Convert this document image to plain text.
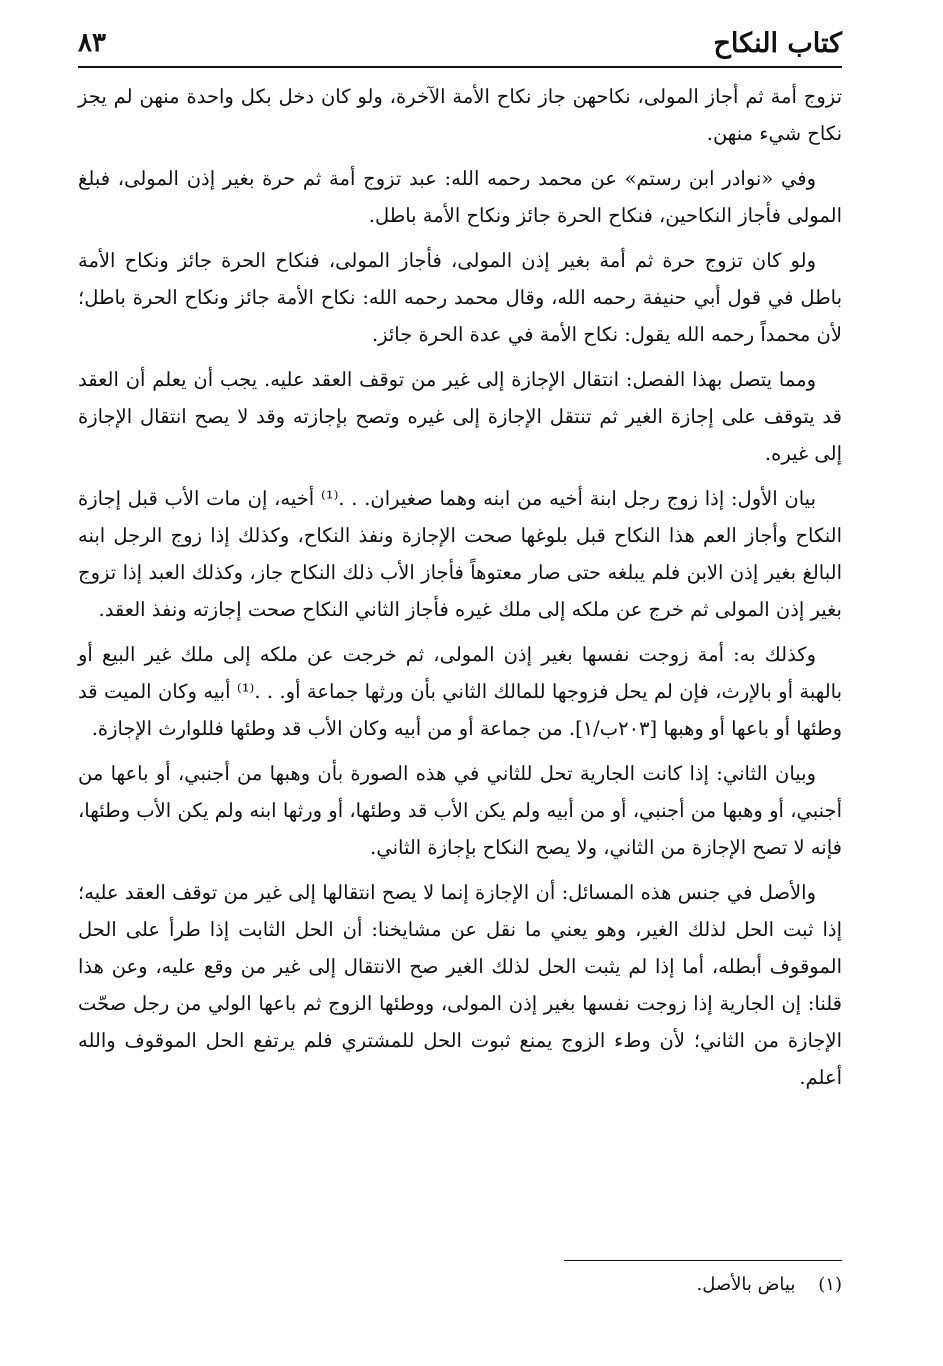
كتاب النكاح
٨٣

تزوج أمة ثم أجاز المولى، نكاحهن جاز نكاح الأمة الآخرة، ولو كان دخل بكل واحدة منهن لم يجز نكاح شيء منهن.

وفي «نوادر ابن رستم» عن محمد رحمه الله: عبد تزوج أمة ثم حرة بغير إذن المولى، فبلغ المولى فأجاز النكاحين، فنكاح الحرة جائز ونكاح الأمة باطل.

ولو كان تزوج حرة ثم أمة بغير إذن المولى، فأجاز المولى، فنكاح الحرة جائز ونكاح الأمة باطل في قول أبي حنيفة رحمه الله، وقال محمد رحمه الله: نكاح الأمة جائز ونكاح الحرة باطل؛ لأن محمداً رحمه الله يقول: نكاح الأمة في عدة الحرة جائز.

ومما يتصل بهذا الفصل: انتقال الإجازة إلى غير من توقف العقد عليه. يجب أن يعلم أن العقد قد يتوقف على إجازة الغير ثم تنتقل الإجازة إلى غيره وتصح بإجازته وقد لا يصح انتقال الإجازة إلى غيره.

بيان الأول: إذا زوج رجل ابنة أخيه من ابنه وهما صغيران. . .⁽¹⁾ أخيه، إن مات الأب قبل إجازة النكاح وأجاز العم هذا النكاح قبل بلوغها صحت الإجازة ونفذ النكاح، وكذلك إذا زوج الرجل ابنه البالغ بغير إذن الابن فلم يبلغه حتى صار معتوهاً فأجاز الأب ذلك النكاح جاز، وكذلك العبد إذا تزوج بغير إذن المولى ثم خرج عن ملكه إلى ملك غيره فأجاز الثاني النكاح صحت إجازته ونفذ العقد.

وكذلك به: أمة زوجت نفسها بغير إذن المولى، ثم خرجت عن ملكه إلى ملك غير البيع أو بالهبة أو بالإرث، فإن لم يحل فزوجها للمالك الثاني بأن ورثها جماعة أو. . .⁽¹⁾ أبيه وكان الميت قد وطئها أو باعها أو وهبها [٢٠٣ب/١]. من جماعة أو من أبيه وكان الأب قد وطئها فللوارث الإجازة.

وبيان الثاني: إذا كانت الجارية تحل للثاني في هذه الصورة بأن وهبها من أجنبي، أو باعها من أجنبي، أو وهبها من أجنبي، أو من أبيه ولم يكن الأب قد وطئها، أو ورثها ابنه ولم يكن الأب وطئها، فإنه لا تصح الإجازة من الثاني، ولا يصح النكاح بإجازة الثاني.

والأصل في جنس هذه المسائل: أن الإجازة إنما لا يصح انتقالها إلى غير من توقف العقد عليه؛ إذا ثبت الحل لذلك الغير، وهو يعني ما نقل عن مشايخنا: أن الحل الثابت إذا طرأ على الحل الموقوف أبطله، أما إذا لم يثبت الحل لذلك الغير صح الانتقال إلى غير من وقع عليه، وعن هذا قلنا: إن الجارية إذا زوجت نفسها بغير إذن المولى، ووطئها الزوج ثم باعها الولي من رجل صحّت الإجازة من الثاني؛ لأن وطء الزوج يمنع ثبوت الحل للمشتري فلم يرتفع الحل الموقوف والله أعلم.

(١)    بياض بالأصل.
